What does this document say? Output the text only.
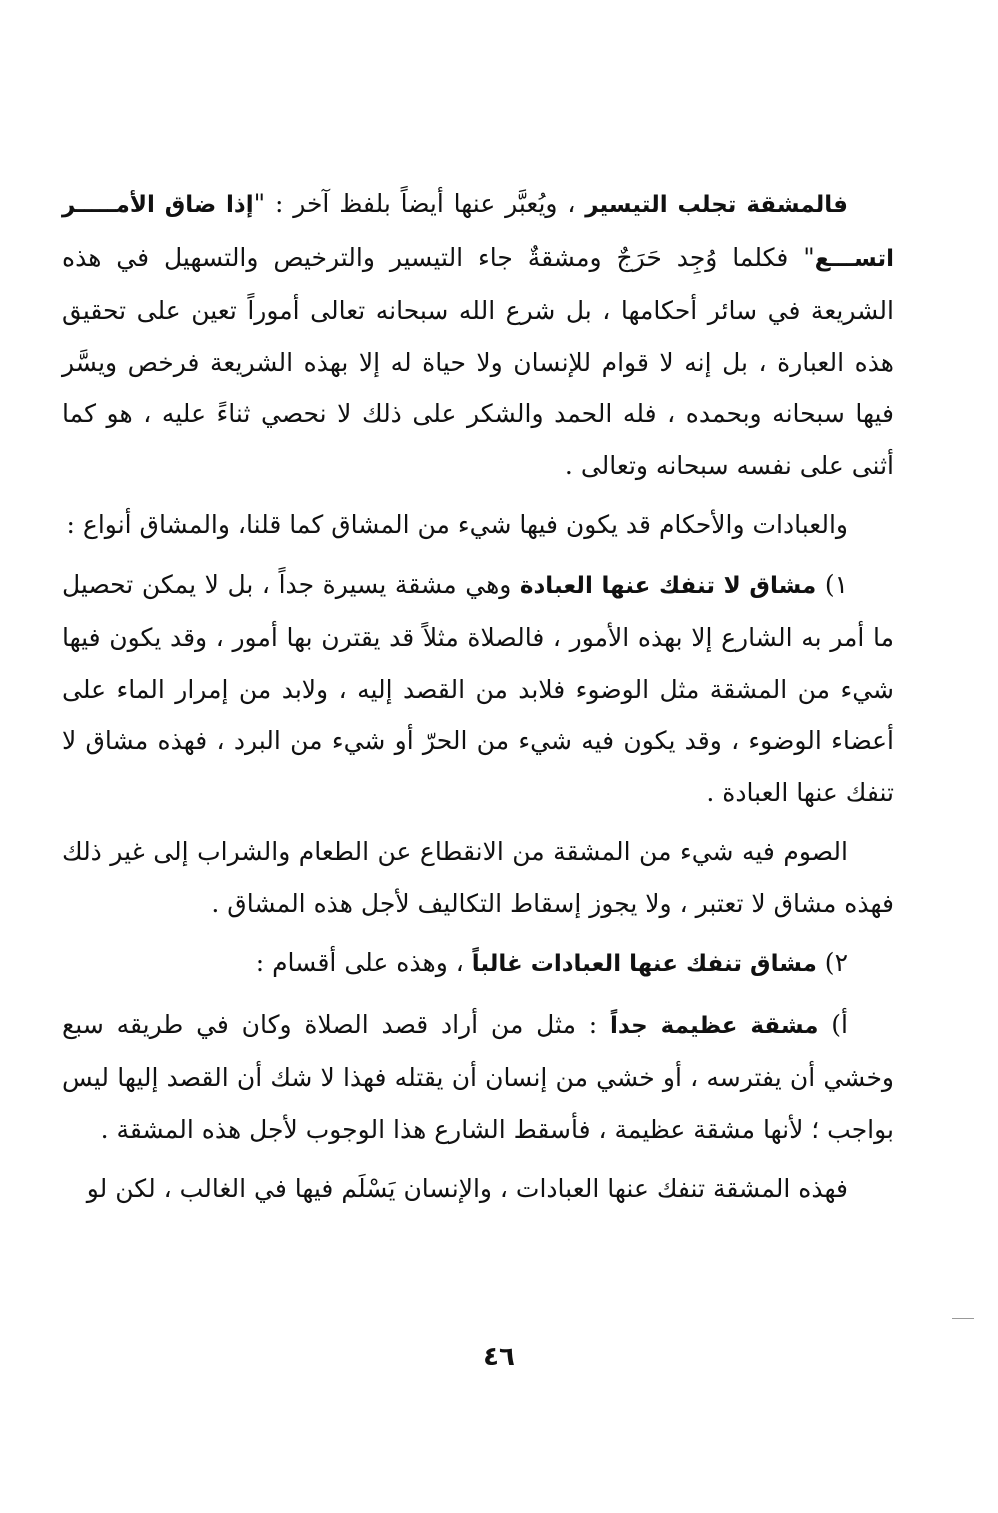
فالمشقة تجلب التيسير ، ويُعبَّر عنها أيضاً بلفظ آخر : "إذا ضاق الأمـــــر اتســـع" فكلما وُجِد حَرَجٌ ومشقةٌ جاء التيسير والترخيص والتسهيل في هذه الشريعة في سائر أحكامها ، بل شرع الله سبحانه تعالى أموراً تعين على تحقيق هذه العبارة ، بل إنه لا قوام للإنسان ولا حياة له إلا بهذه الشريعة فرخص ويسَّر فيها سبحانه وبحمده ، فله الحمد والشكر على ذلك لا نحصي ثناءً عليه ، هو كما أثنى على نفسه سبحانه وتعالى .

والعبادات والأحكام قد يكون فيها شيء من المشاق كما قلنا، والمشاق أنواع :

١) مشاق لا تنفك عنها العبادة وهي مشقة يسيرة جداً ، بل لا يمكن تحصيل ما أمر به الشارع إلا بهذه الأمور ، فالصلاة مثلاً قد يقترن بها أمور ، وقد يكون فيها شيء من المشقة مثل الوضوء فلابد من القصد إليه ، ولابد من إمرار الماء على أعضاء الوضوء ، وقد يكون فيه شيء من الحرّ أو شيء من البرد ، فهذه مشاق لا تنفك عنها العبادة .

الصوم فيه شيء من المشقة من الانقطاع عن الطعام والشراب إلى غير ذلك فهذه مشاق لا تعتبر ، ولا يجوز إسقاط التكاليف لأجل هذه المشاق .

٢) مشاق تنفك عنها العبادات غالباً ، وهذه على أقسام :

أ) مشقة عظيمة جداً : مثل من أراد قصد الصلاة وكان في طريقه سبع وخشي أن يفترسه ، أو خشي من إنسان أن يقتله فهذا لا شك أن القصد إليها ليس بواجب ؛ لأنها مشقة عظيمة ، فأسقط الشارع هذا الوجوب لأجل هذه المشقة .

فهذه المشقة تنفك عنها العبادات ، والإنسان يَسْلَم فيها في الغالب ، لكن لو

٤٦
